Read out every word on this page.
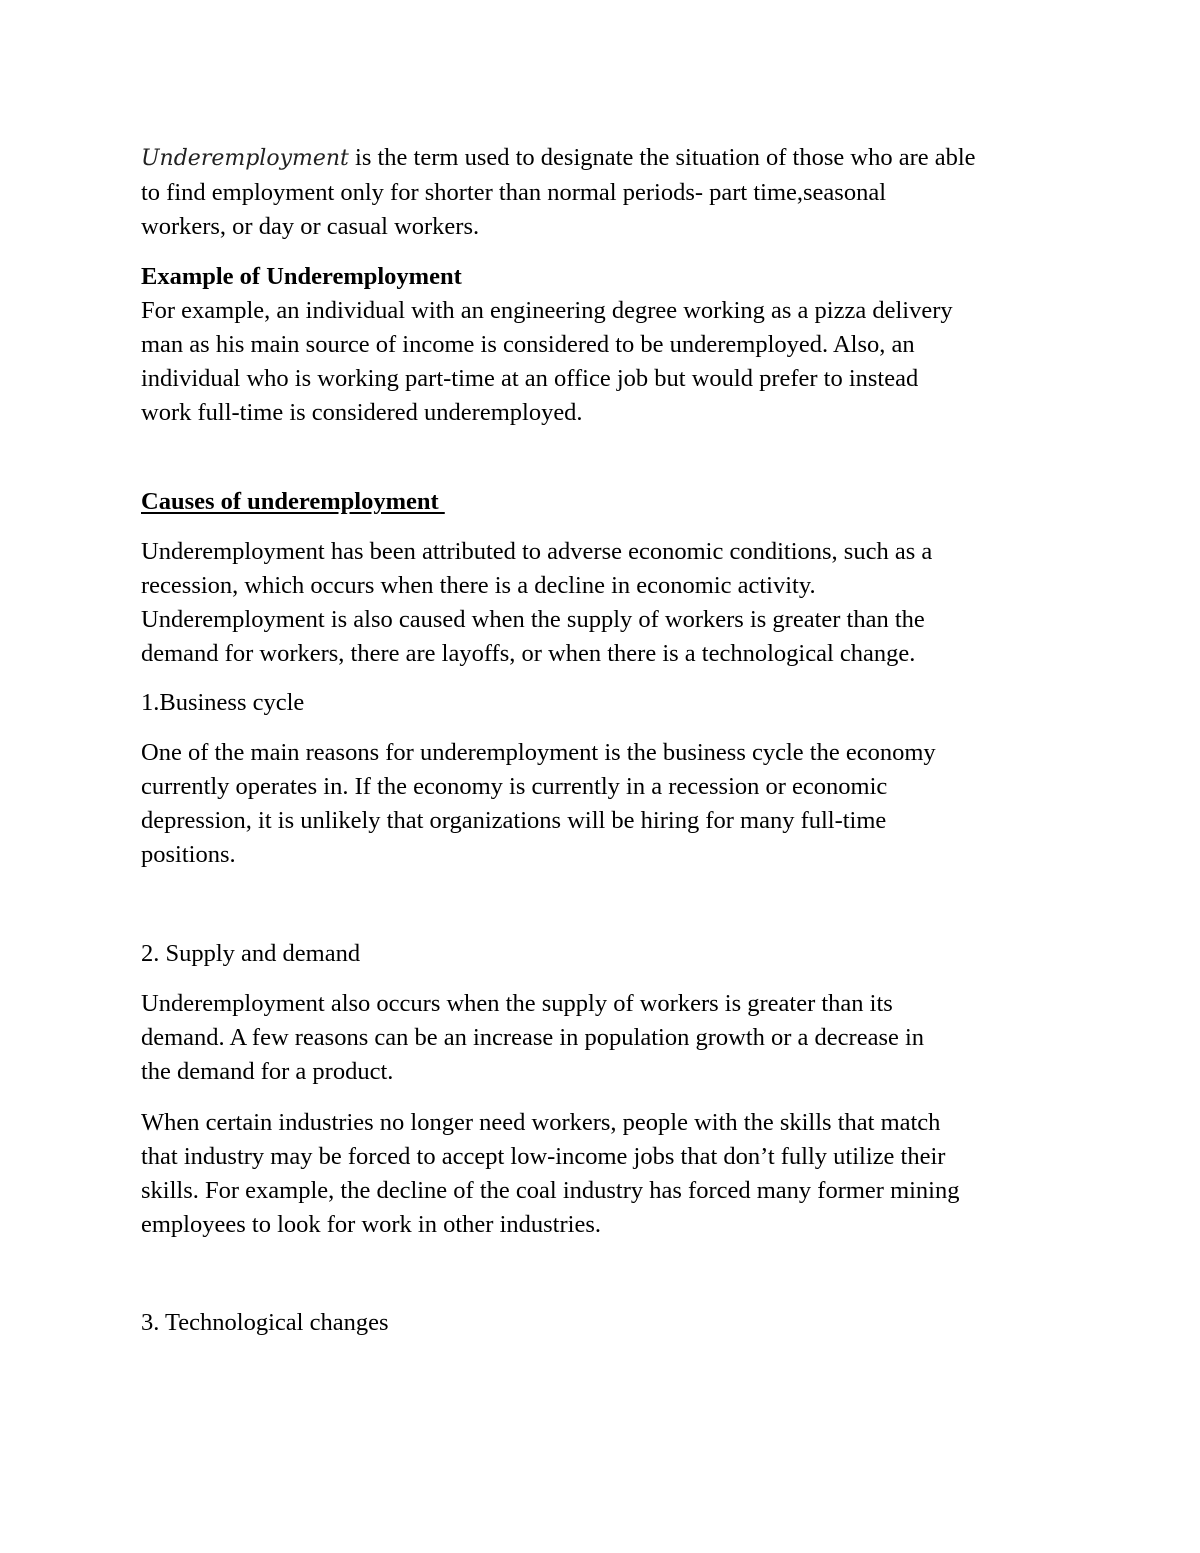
Underemployment is the term used to designate the situation of those who are able
to find employment only for shorter than normal periods- part time,seasonal
workers, or day or casual workers.

Example of Underemployment

For example, an individual with an engineering degree working as a pizza delivery
man as his main source of income is considered to be underemployed. Also, an
individual who is working part-time at an office job but would prefer to instead
work full-time is considered underemployed.

Causes of underemployment

Underemployment has been attributed to adverse economic conditions, such as a
recession, which occurs when there is a decline in economic activity.
Underemployment is also caused when the supply of workers is greater than the
demand for workers, there are layoffs, or when there is a technological change.

1.Business cycle

One of the main reasons for underemployment is the business cycle the economy
currently operates in. If the economy is currently in a recession or economic
depression, it is unlikely that organizations will be hiring for many full-time
positions.

2. Supply and demand

Underemployment also occurs when the supply of workers is greater than its
demand. A few reasons can be an increase in population growth or a decrease in
the demand for a product.

When certain industries no longer need workers, people with the skills that match
that industry may be forced to accept low-income jobs that don’t fully utilize their
skills. For example, the decline of the coal industry has forced many former mining
employees to look for work in other industries.

3. Technological changes
